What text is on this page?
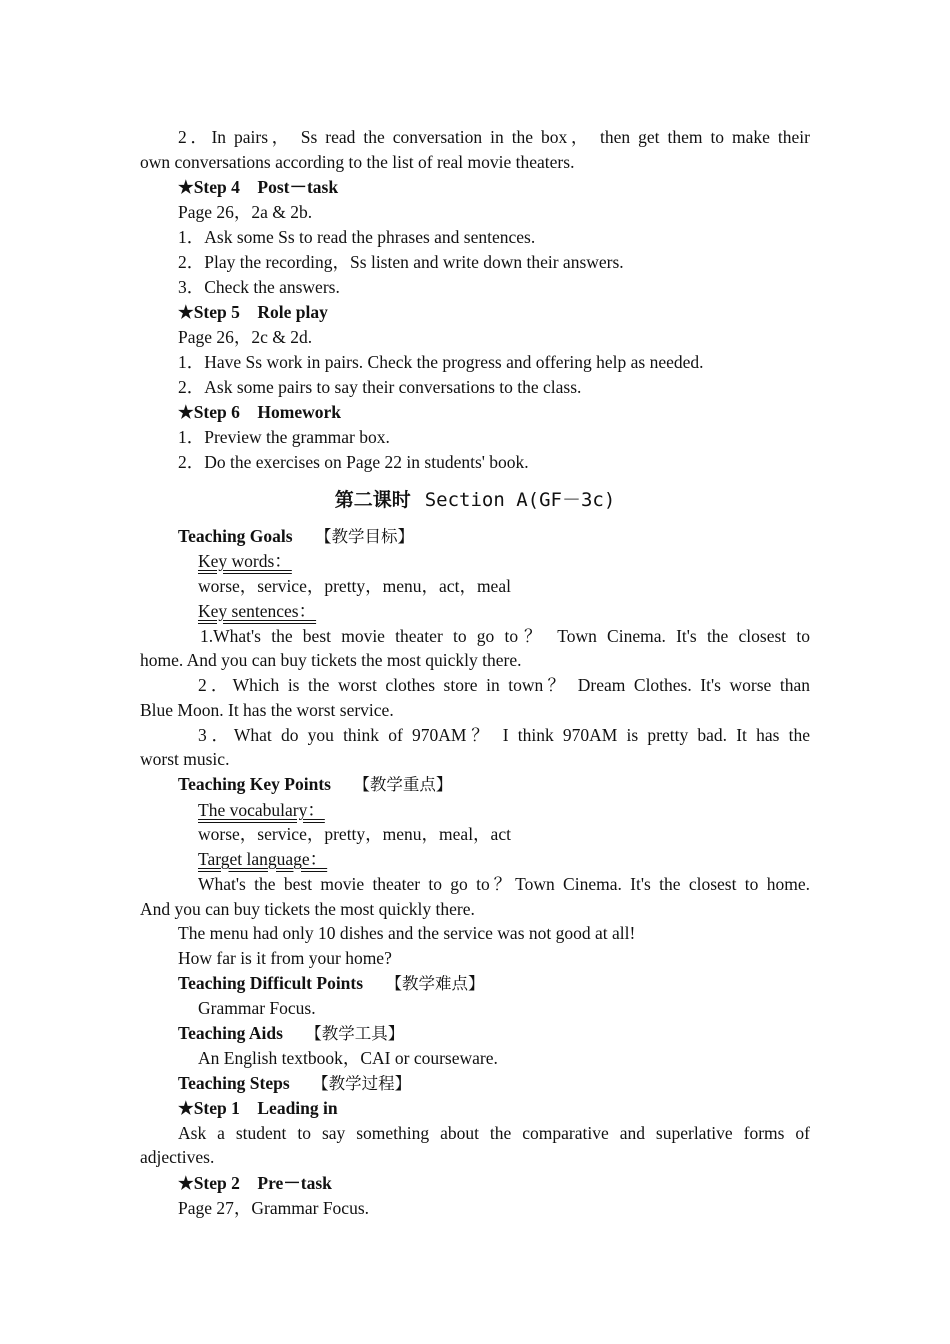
2．In pairs， Ss read the conversation in the box， then get them to make their
own conversations according to the list of real movie theaters.
★Step 4　Post－task
Page 26，2a & 2b.
1．Ask some Ss to read the phrases and sentences.
2．Play the recording，Ss listen and write down their answers.
3．Check the answers.
★Step 5　Role play
Page 26，2c & 2d.
1．Have Ss work in pairs. Check the progress and offering help as needed.
2．Ask some pairs to say their conversations to the class.
★Step 6　Homework
1．Preview the grammar box.
2．Do the exercises on Page 22 in students' book.
第二课时 Section A(GF－3c)
Teaching Goals 【教学目标】
Key words：
worse，service，pretty，menu，act，meal
Key sentences：
1.What's the best movie theater to go to？ Town Cinema. It's the closest to
home. And you can buy tickets the most quickly there.
2．Which is the worst clothes store in town？ Dream Clothes. It's worse than
Blue Moon. It has the worst service.
3．What do you think of 970AM？ I think 970AM is pretty bad. It has the
worst music.
Teaching Key Points 【教学重点】
The vocabulary：
worse，service，pretty，menu，meal，act
Target language：
What's the best movie theater to go to？Town Cinema. It's the closest to home.
And you can buy tickets the most quickly there.
The menu had only 10 dishes and the service was not good at all!
How far is it from your home?
Teaching Difficult Points 【教学难点】
Grammar Focus.
Teaching Aids 【教学工具】
An English textbook，CAI or courseware.
Teaching Steps 【教学过程】
★Step 1　Leading in
Ask a student to say something about the comparative and superlative forms of
adjectives.
★Step 2　Pre－task
Page 27，Grammar Focus.
